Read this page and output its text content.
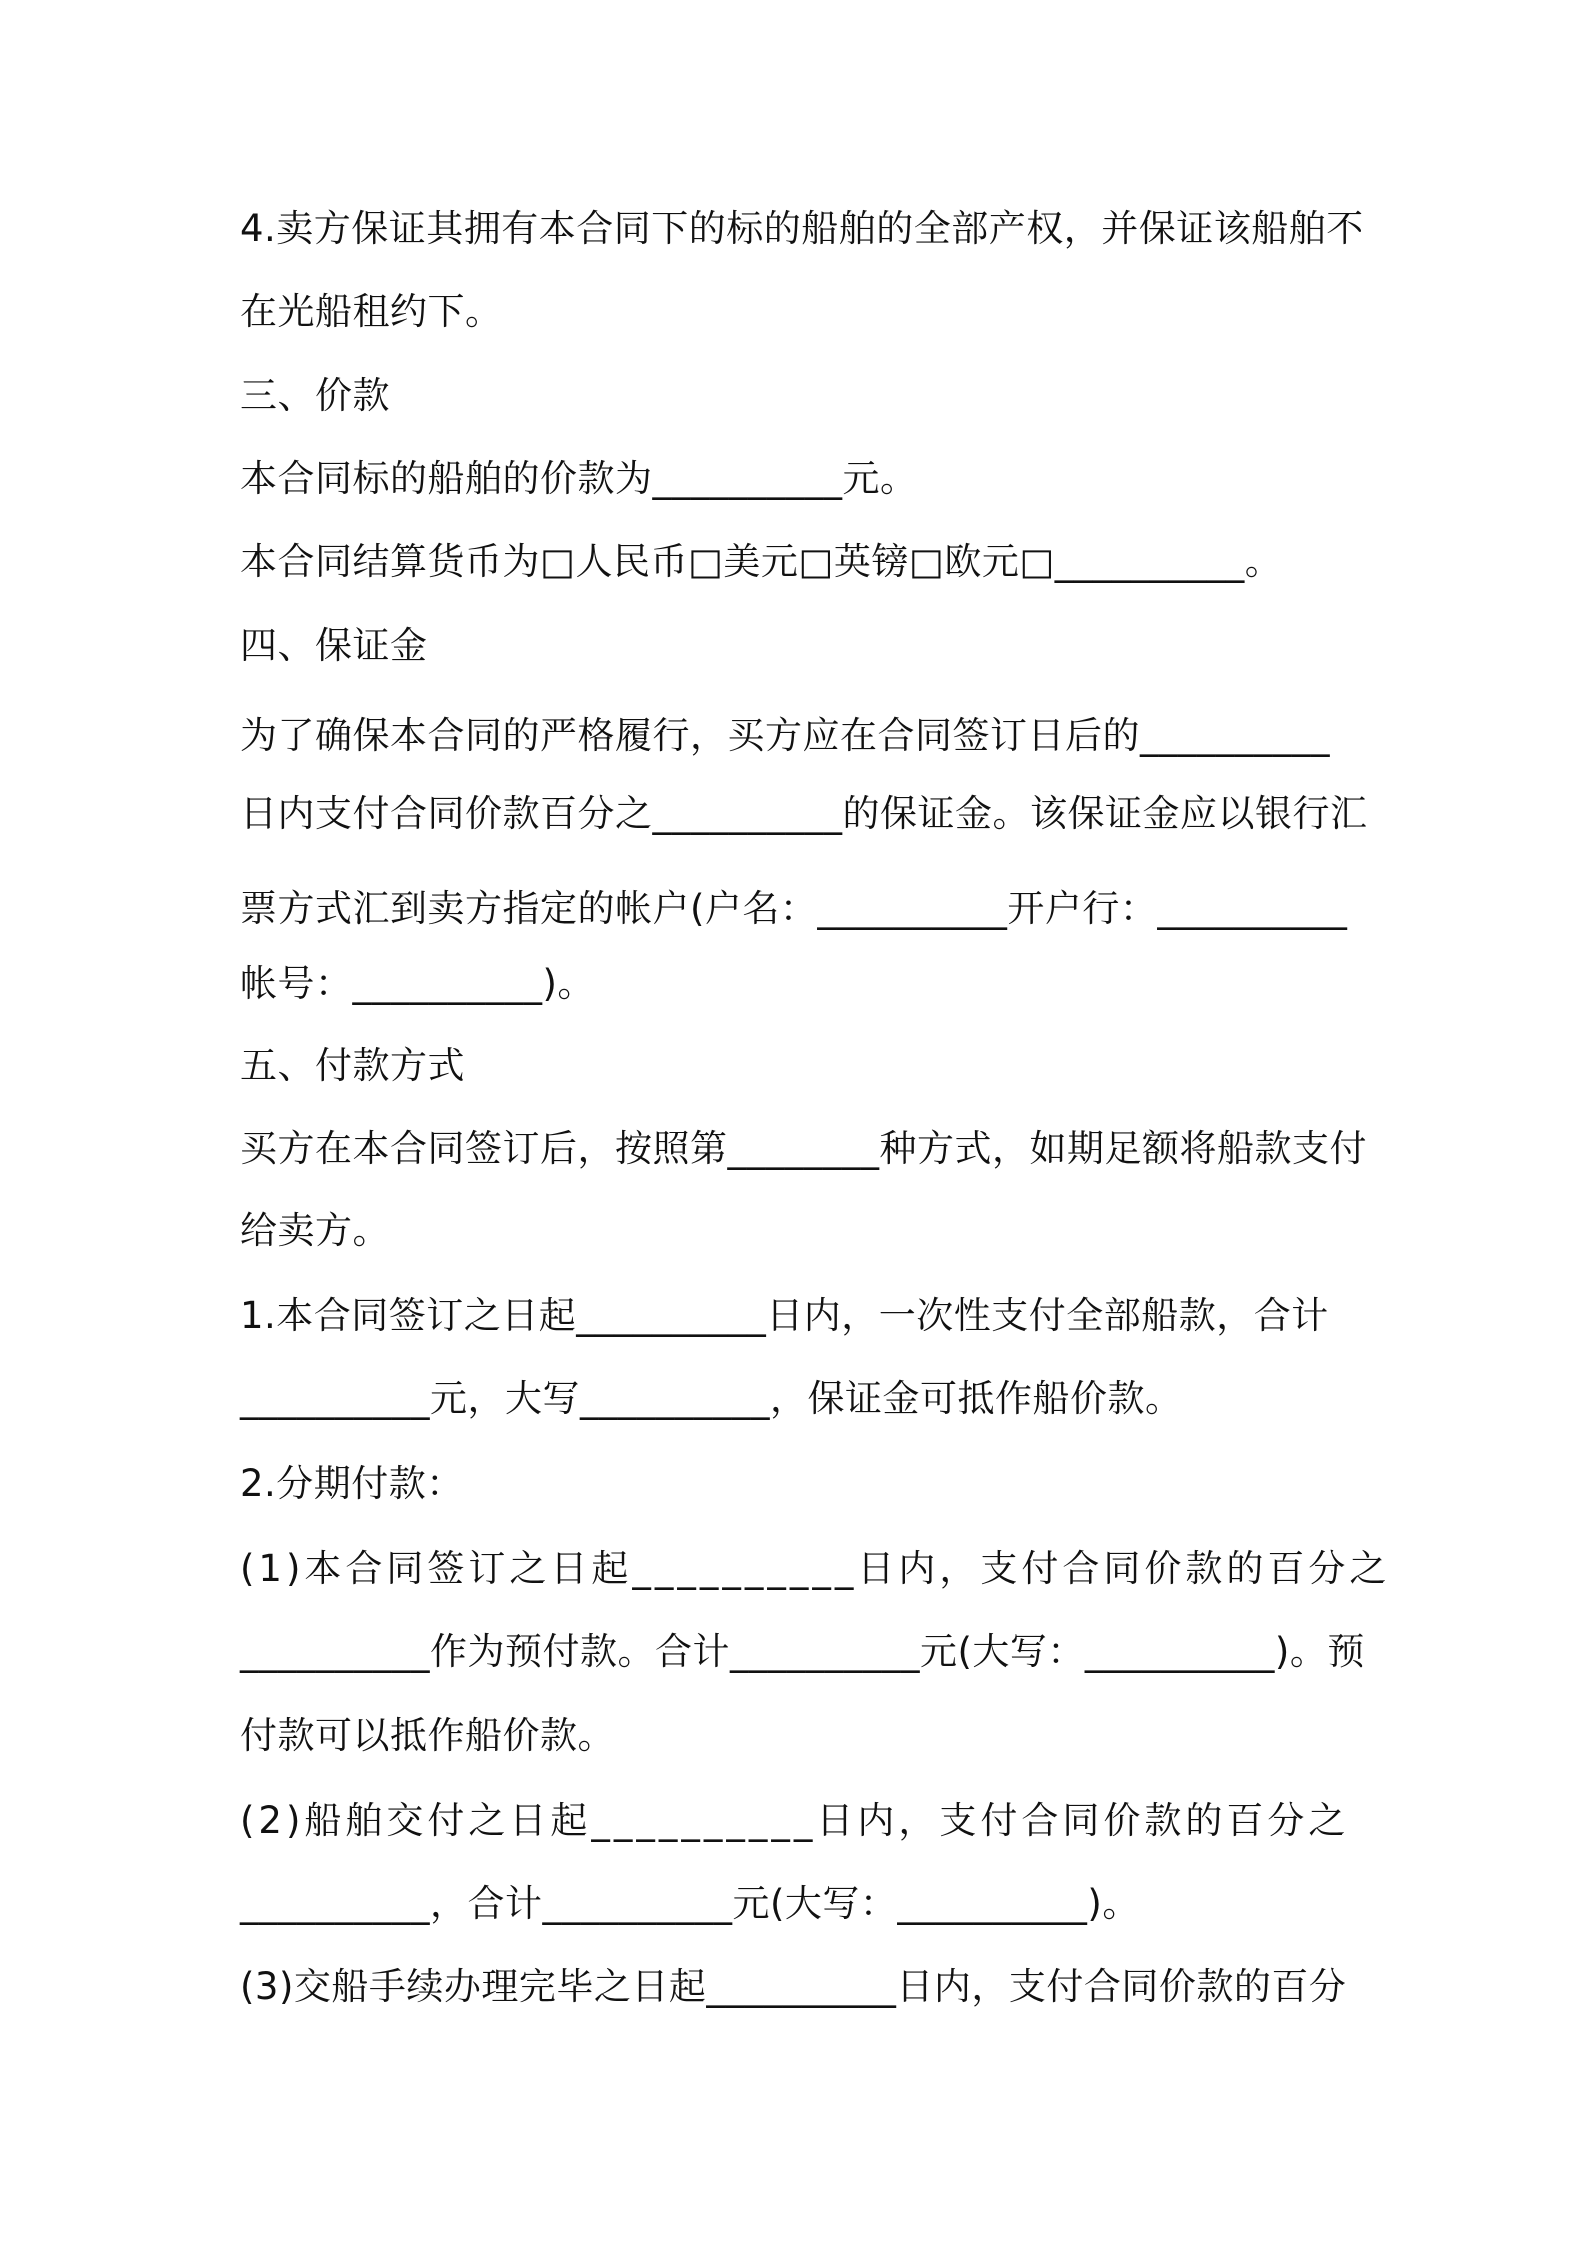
4.卖方保证其拥有本合同下的标的船舶的全部产权，并保证该船舶不
在光船租约下。
三、价款
本合同标的船舶的价款为__________元。
本合同结算货币为□人民币□美元□英镑□欧元□__________。
四、保证金
为了确保本合同的严格履行，买方应在合同签订日后的__________
日内支付合同价款百分之__________的保证金。该保证金应以银行汇
票方式汇到卖方指定的帐户(户名：__________开户行：__________
帐号：__________)。
五、付款方式
买方在本合同签订后，按照第________种方式，如期足额将船款支付
给卖方。
1.本合同签订之日起__________日内，一次性支付全部船款，合计
__________元，大写__________，保证金可抵作船价款。
2.分期付款：
(1)本合同签订之日起__________日内，支付合同价款的百分之
__________作为预付款。合计__________元(大写：__________)。预
付款可以抵作船价款。
(2)船舶交付之日起__________日内，支付合同价款的百分之
__________，合计__________元(大写：__________)。
(3)交船手续办理完毕之日起__________日内，支付合同价款的百分
